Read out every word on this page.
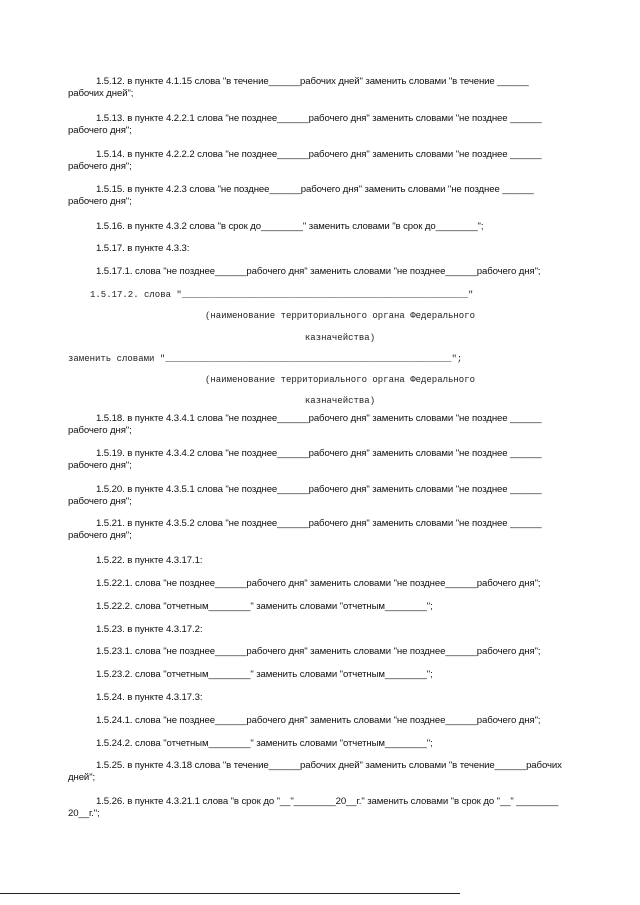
1.5.12. в пункте 4.1.15 слова "в течение______рабочих дней" заменить словами "в течение ______
рабочих дней";
1.5.13. в пункте 4.2.2.1 слова "не позднее______рабочего дня" заменить словами "не позднее ______
рабочего дня";
1.5.14. в пункте 4.2.2.2 слова "не позднее______рабочего дня" заменить словами "не позднее ______
рабочего дня";
1.5.15. в пункте 4.2.3 слова "не позднее______рабочего дня" заменить словами "не позднее ______
рабочего дня";
1.5.16. в пункте 4.3.2 слова "в срок до________" заменить словами "в срок до________";
1.5.17. в пункте 4.3.3:
1.5.17.1. слова "не позднее______рабочего дня" заменить словами "не позднее______рабочего дня";
1.5.17.2. слова "_____________________________________________________"
(наименование территориального органа Федерального
казначейства)
заменить словами "_____________________________________________________";
(наименование территориального органа Федерального
казначейства)
1.5.18. в пункте 4.3.4.1 слова "не позднее______рабочего дня" заменить словами "не позднее ______
рабочего дня";
1.5.19. в пункте 4.3.4.2 слова "не позднее______рабочего дня" заменить словами "не позднее ______
рабочего дня";
1.5.20. в пункте 4.3.5.1 слова "не позднее______рабочего дня" заменить словами "не позднее ______
рабочего дня";
1.5.21. в пункте 4.3.5.2 слова "не позднее______рабочего дня" заменить словами "не позднее ______
рабочего дня";
1.5.22. в пункте 4.3.17.1:
1.5.22.1. слова "не позднее______рабочего дня" заменить словами "не позднее______рабочего дня";
1.5.22.2. слова "отчетным________" заменить словами "отчетным________";
1.5.23. в пункте 4.3.17.2:
1.5.23.1. слова "не позднее______рабочего дня" заменить словами "не позднее______рабочего дня";
1.5.23.2. слова "отчетным________" заменить словами "отчетным________";
1.5.24. в пункте 4.3.17.3:
1.5.24.1. слова "не позднее______рабочего дня" заменить словами "не позднее______рабочего дня";
1.5.24.2. слова "отчетным________" заменить словами "отчетным________";
1.5.25. в пункте 4.3.18 слова "в течение______рабочих дней" заменить словами "в течение______рабочих
дней";
1.5.26. в пункте 4.3.21.1 слова "в срок до "__"________20__г." заменить словами "в срок до "__" ________
20__г.";
